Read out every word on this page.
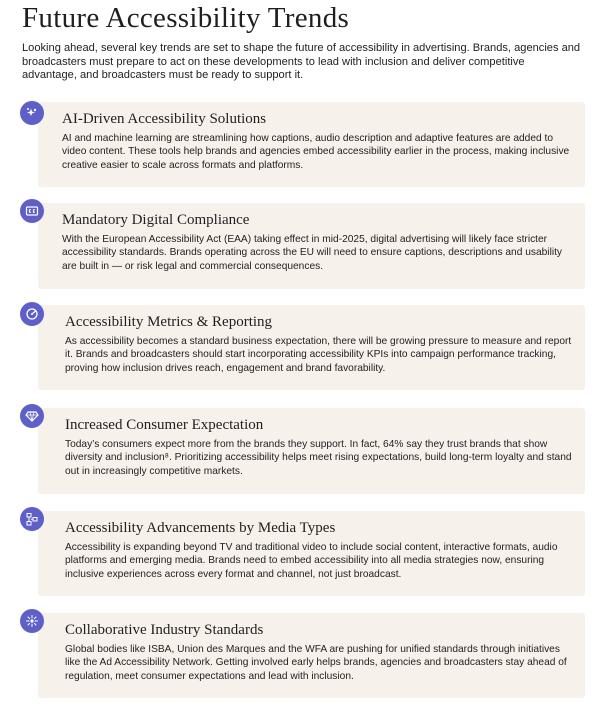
Future Accessibility Trends

Looking ahead, several key trends are set to shape the future of accessibility in advertising. Brands, agencies and broadcasters must prepare to act on these developments to lead with inclusion and deliver competitive advantage, and broadcasters must be ready to support it.

AI-Driven Accessibility Solutions

AI and machine learning are streamlining how captions, audio description and adaptive features are added to video content. These tools help brands and agencies embed accessibility earlier in the process, making inclusive creative easier to scale across formats and platforms.

Mandatory Digital Compliance

With the European Accessibility Act (EAA) taking effect in mid-2025, digital advertising will likely face stricter accessibility standards. Brands operating across the EU will need to ensure captions, descriptions and usability are built in — or risk legal and commercial consequences.

Accessibility Metrics & Reporting

As accessibility becomes a standard business expectation, there will be growing pressure to measure and report it. Brands and broadcasters should start incorporating accessibility KPIs into campaign performance tracking, proving how inclusion drives reach, engagement and brand favorability.

Increased Consumer Expectation

Today’s consumers expect more from the brands they support. In fact, 64% say they trust brands that show diversity and inclusion⁸. Prioritizing accessibility helps meet rising expectations, build long-term loyalty and stand out in increasingly competitive markets.

Accessibility Advancements by Media Types

Accessibility is expanding beyond TV and traditional video to include social content, interactive formats, audio platforms and emerging media. Brands need to embed accessibility into all media strategies now, ensuring inclusive experiences across every format and channel, not just broadcast.

Collaborative Industry Standards

Global bodies like ISBA, Union des Marques and the WFA are pushing for unified standards through initiatives like the Ad Accessibility Network. Getting involved early helps brands, agencies and broadcasters stay ahead of regulation, meet consumer expectations and lead with inclusion.
